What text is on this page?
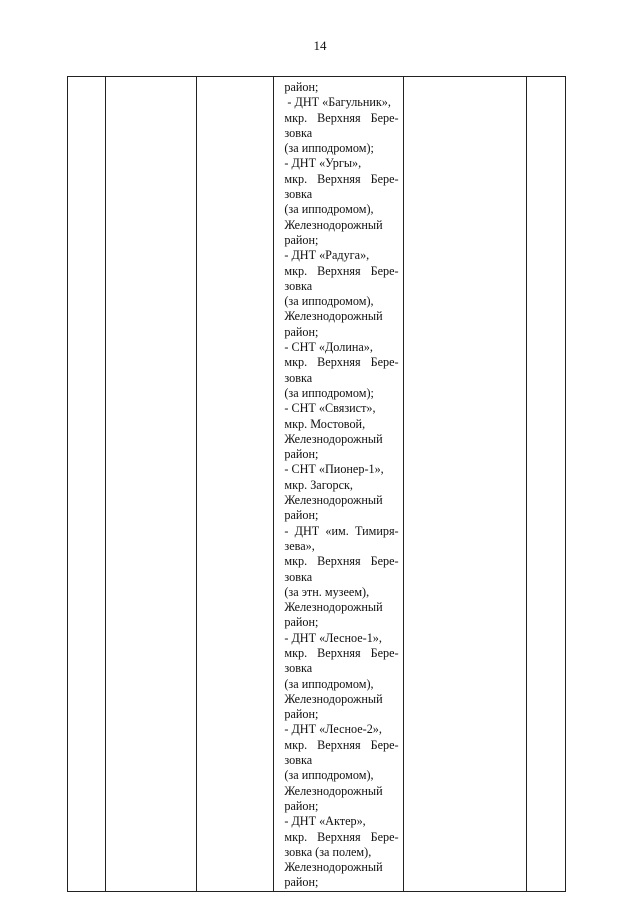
14

район;
- ДНТ «Багульник»,
мкр. Верхняя Бере-
зовка
(за ипподромом);
- ДНТ «Ургы»,
мкр. Верхняя Бере-
зовка
(за ипподромом),
Железнодорожный
район;
- ДНТ «Радуга»,
мкр. Верхняя Бере-
зовка
(за ипподромом),
Железнодорожный
район;
- СНТ «Долина»,
мкр. Верхняя Бере-
зовка
(за ипподромом);
- СНТ «Связист»,
мкр. Мостовой,
Железнодорожный
район;
- СНТ «Пионер-1»,
мкр. Загорск,
Железнодорожный
район;
- ДНТ «им. Тимиря-
зева»,
мкр. Верхняя Бере-
зовка
(за этн. музеем),
Железнодорожный
район;
- ДНТ «Лесное-1»,
мкр. Верхняя Бере-
зовка
(за ипподромом),
Железнодорожный
район;
- ДНТ «Лесное-2»,
мкр. Верхняя Бере-
зовка
(за ипподромом),
Железнодорожный
район;
- ДНТ «Актер»,
мкр. Верхняя Бере-
зовка (за полем),
Железнодорожный
район;
